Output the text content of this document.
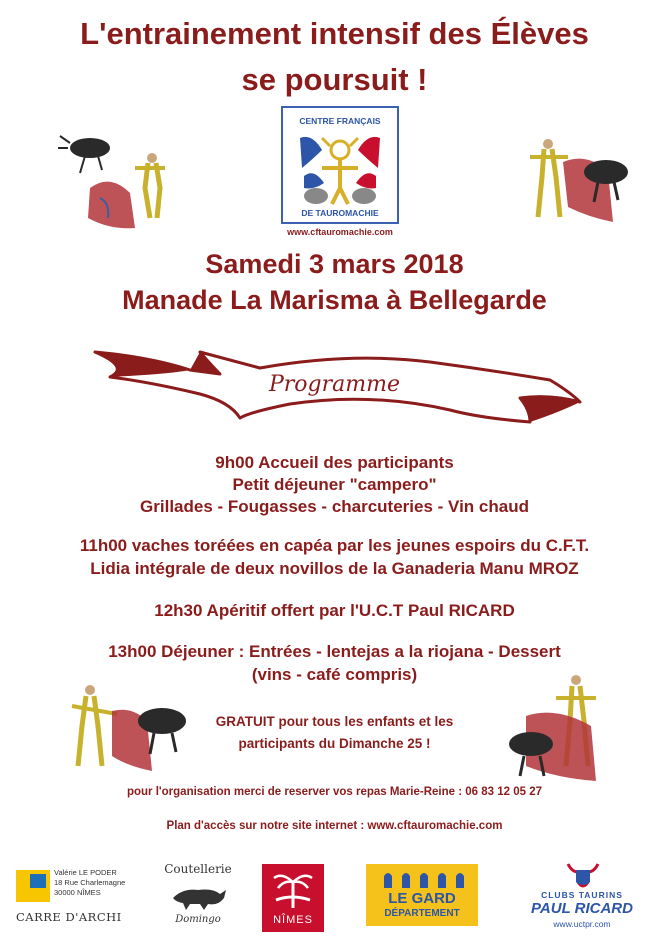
L'entrainement intensif des Élèves
se poursuit !
CENTRE FRANÇAIS
DE TAUROMACHIE
www.cftauromachie.com
Samedi 3 mars 2018
Manade La Marisma à Bellegarde
Programme
9h00 Accueil des participants
Petit déjeuner "campero"
Grillades - Fougasses - charcuteries - Vin chaud
11h00 vaches toréées en capéa par les jeunes espoirs du C.F.T.
Lidia intégrale de deux novillos de la Ganaderia Manu MROZ
12h30 Apéritif offert par l'U.C.T Paul RICARD
13h00 Déjeuner : Entrées - lentejas a la riojana - Dessert
(vins - café compris)
GRATUIT pour tous les enfants et les
participants du Dimanche 25 !
pour l'organisation merci de reserver vos repas Marie-Reine : 06 83 12 05 27
Plan d'accès sur notre site internet : www.cftauromachie.com
Valérie LE PODER
18 Rue Charlemagne
30000 NÎMES
CARRE D'ARCHI
Coutellerie
Domingo	NÎMES
LE GARD
DÉPARTEMENT
CLUBS TAURINS
PAUL RICARD
www.uctpr.com
